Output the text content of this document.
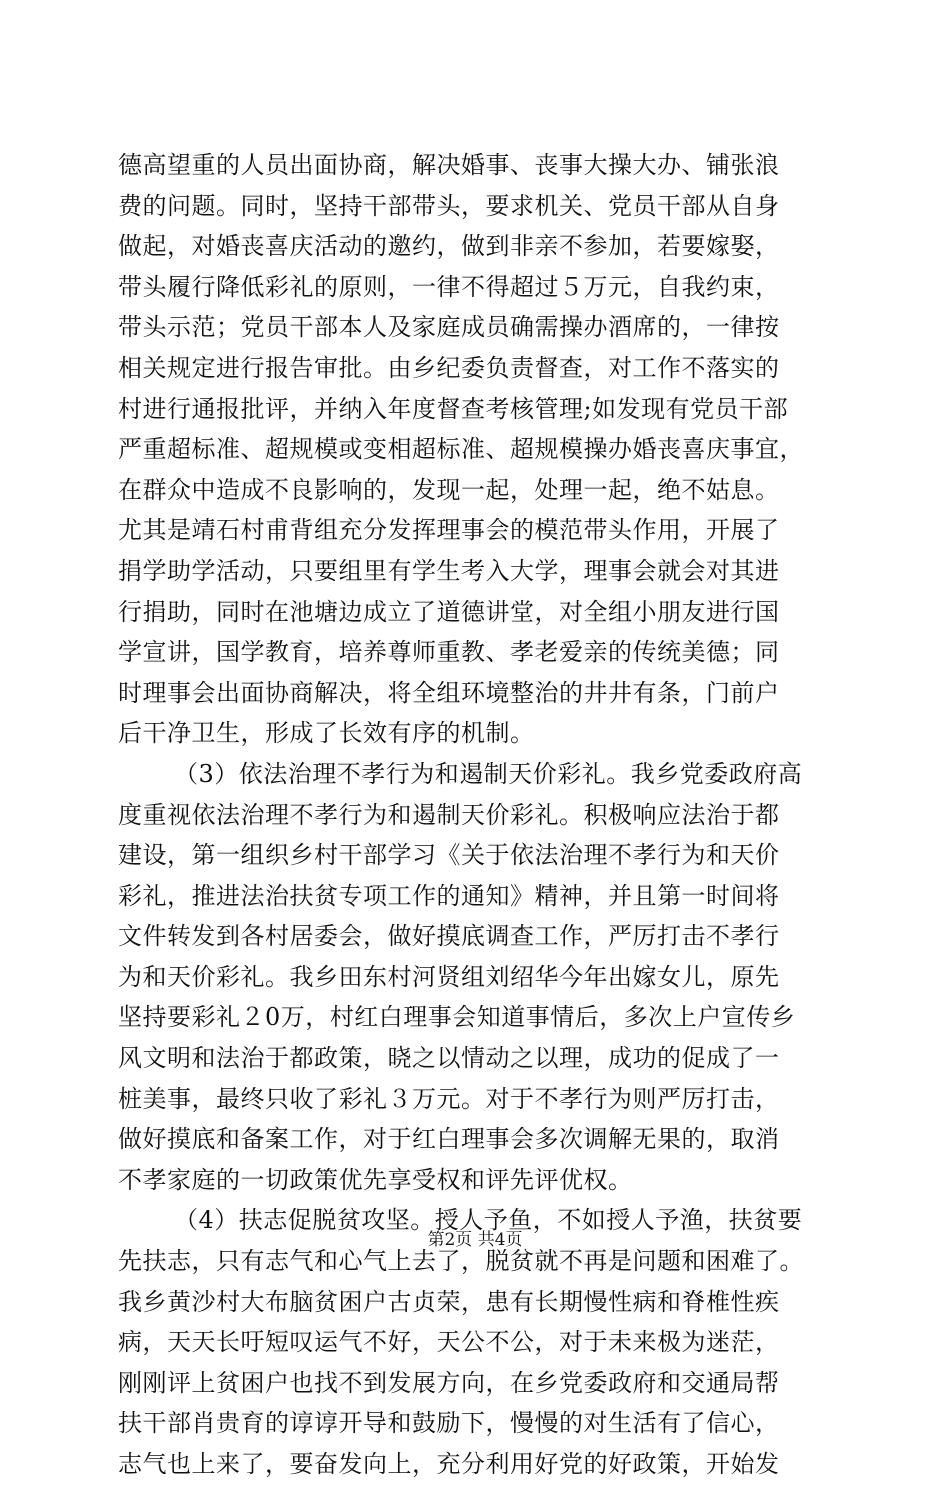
德高望重的人员出面协商，解决婚事、丧事大操大办、铺张浪
费的问题。同时，坚持干部带头，要求机关、党员干部从自身
做起，对婚丧喜庆活动的邀约，做到非亲不参加，若要嫁娶，
带头履行降低彩礼的原则，一律不得超过５万元，自我约束，
带头示范；党员干部本人及家庭成员确需操办酒席的，一律按
相关规定进行报告审批。由乡纪委负责督查，对工作不落实的
村进行通报批评，并纳入年度督查考核管理;如发现有党员干部
严重超标准、超规模或变相超标准、超规模操办婚丧喜庆事宜，
在群众中造成不良影响的，发现一起，处理一起，绝不姑息。
尤其是靖石村甫背组充分发挥理事会的模范带头作用，开展了
捐学助学活动，只要组里有学生考入大学，理事会就会对其进
行捐助，同时在池塘边成立了道德讲堂，对全组小朋友进行国
学宣讲，国学教育，培养尊师重教、孝老爱亲的传统美德；同
时理事会出面协商解决，将全组环境整治的井井有条，门前户
后干净卫生，形成了长效有序的机制。
（3）依法治理不孝行为和遏制天价彩礼。我乡党委政府高
度重视依法治理不孝行为和遏制天价彩礼。积极响应法治于都
建设，第一组织乡村干部学习《关于依法治理不孝行为和天价
彩礼，推进法治扶贫专项工作的通知》精神，并且第一时间将
文件转发到各村居委会，做好摸底调查工作，严厉打击不孝行
为和天价彩礼。我乡田东村河贤组刘绍华今年出嫁女儿，原先
坚持要彩礼２0万，村红白理事会知道事情后，多次上户宣传乡
风文明和法治于都政策，晓之以情动之以理，成功的促成了一
桩美事，最终只收了彩礼３万元。对于不孝行为则严厉打击，
做好摸底和备案工作，对于红白理事会多次调解无果的，取消
不孝家庭的一切政策优先享受权和评先评优权。
（4）扶志促脱贫攻坚。授人予鱼，不如授人予渔，扶贫要
先扶志，只有志气和心气上去了，脱贫就不再是问题和困难了。
我乡黄沙村大布脑贫困户古贞荣，患有长期慢性病和脊椎性疾
病，天天长吁短叹运气不好，天公不公，对于未来极为迷茫，
刚刚评上贫困户也找不到发展方向，在乡党委政府和交通局帮
扶干部肖贵育的谆谆开导和鼓励下，慢慢的对生活有了信心，
志气也上来了，要奋发向上，充分利用好党的好政策，开始发
第2页 共4页
